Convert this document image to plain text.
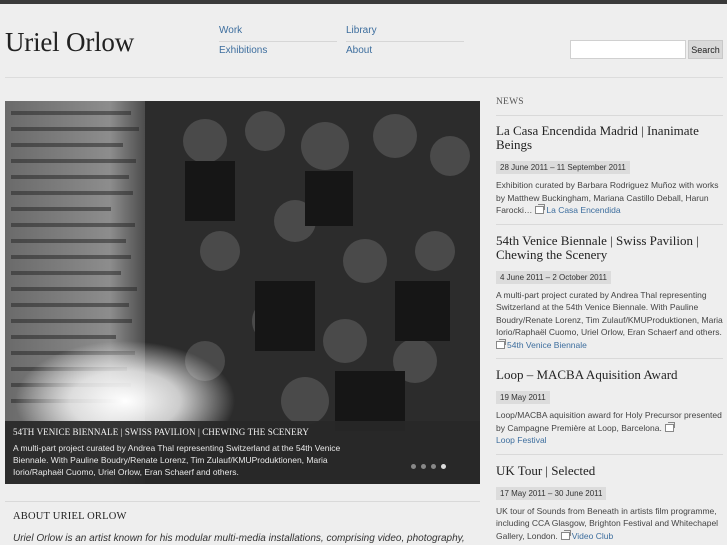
Uriel Orlow	Work
Exhibitions
Library
About	Search
54TH VENICE BIENNALE | SWISS PAVILION | CHEWING THE SCENERY
A multi-part project curated by Andrea Thal representing Switzerland at the 54th Venice Biennale. With Pauline Boudry/Renate Lorenz, Tim Zulauf/KMUProduktionen, Maria Iorio/Raphaël Cuomo, Uriel Orlow, Eran Schaerf and others.
ABOUT URIEL ORLOW
Uriel Orlow is an artist known for his modular multi-media installations, comprising video, photography,
NEWS
La Casa Encendida Madrid | Inanimate Beings
28 June 2011 – 11 September 2011
Exhibition curated by Barbara Rodriguez Muñoz with works by Matthew Buckingham, Mariana Castillo Deball, Harun Farocki… La Casa Encendida
54th Venice Biennale | Swiss Pavilion | Chewing the Scenery
4 June 2011 – 2 October 2011
A multi-part project curated by Andrea Thal representing Switzerland at the 54th Venice Biennale. With Pauline Boudry/Renate Lorenz, Tim Zulauf/KMUProduktionen, Maria Iorio/Raphaël Cuomo, Uriel Orlow, Eran Schaerf and others.
54th Venice Biennale
Loop – MACBA Aquisition Award
19 May 2011
Loop/MACBA aquisition award for Holy Precursor presented by Campagne Première at Loop, Barcelona.Loop Festival
UK Tour | Selected
17 May 2011 – 30 June 2011
UK tour of Sounds from Beneath in artists film programme, including CCA Glasgow, Brighton Festival and Whitechapel Gallery, London. Video Club
